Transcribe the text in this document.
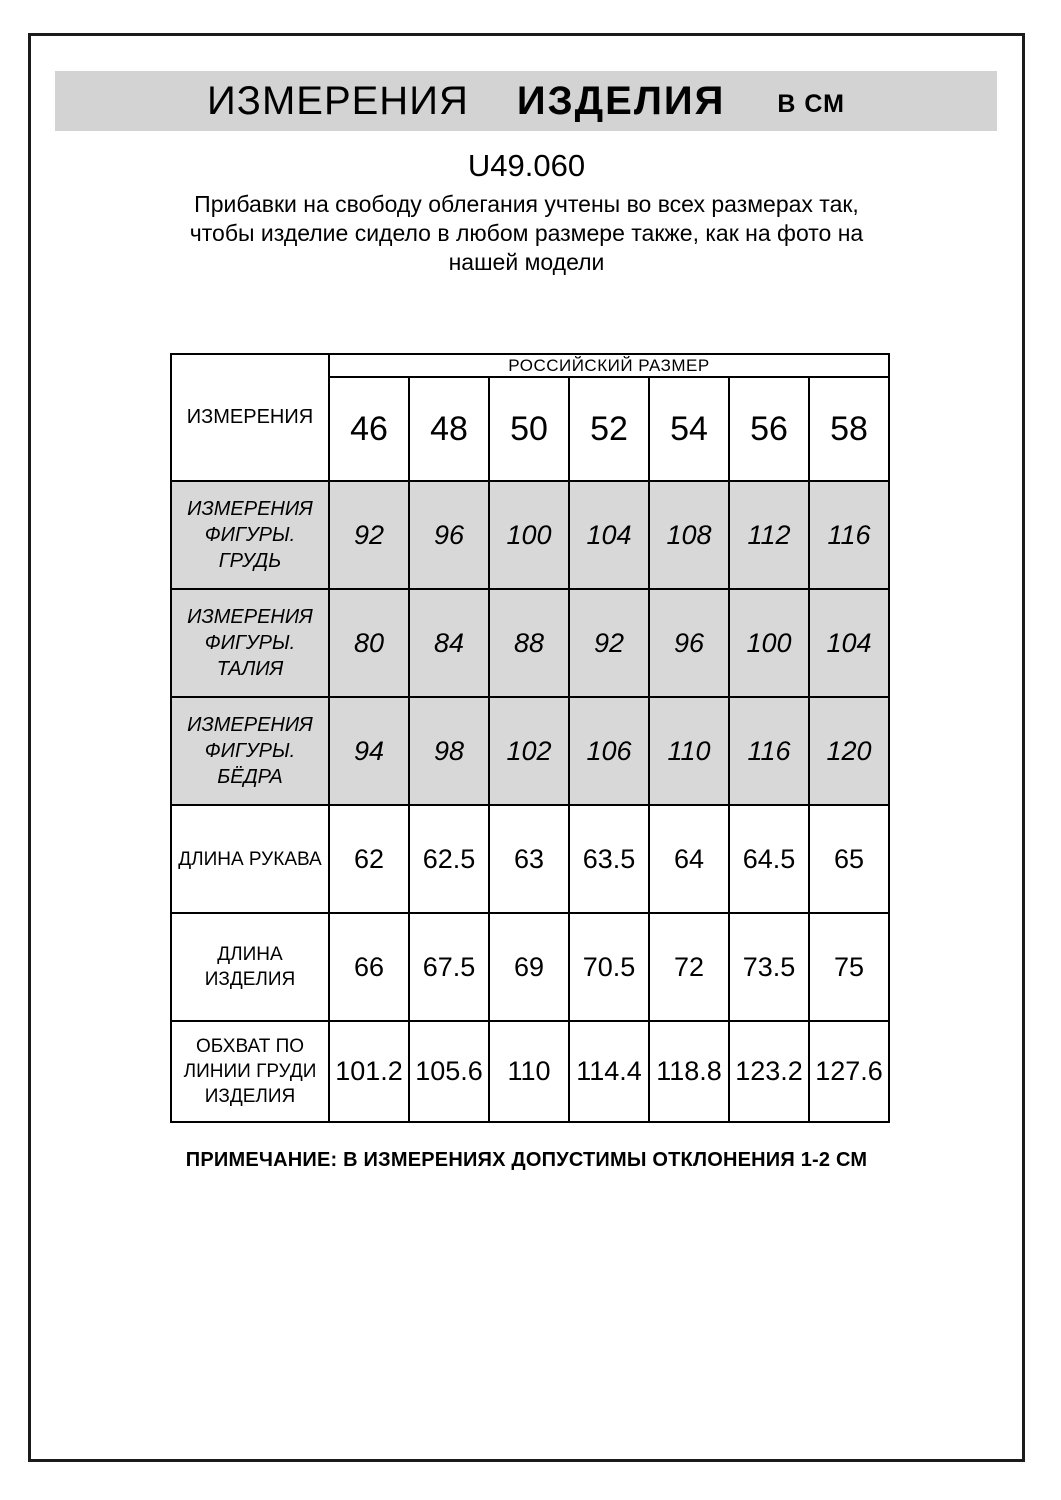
ИЗМЕРЕНИЯ ИЗДЕЛИЯ В СМ
U49.060
Прибавки на свободу облегания учтены во всех размерах так,
чтобы изделие сидело в любом размере также, как на фото на
нашей модели
ИЗМЕРЕНИЯ	РОССИЙСКИЙ РАЗМЕР						
	46	48	50	52	54	56	58
ИЗМЕРЕНИЯ ФИГУРЫ. ГРУДЬ	92	96	100	104	108	112	116
ИЗМЕРЕНИЯ ФИГУРЫ. ТАЛИЯ	80	84	88	92	96	100	104
ИЗМЕРЕНИЯ ФИГУРЫ. БЁДРА	94	98	102	106	110	116	120
ДЛИНА РУКАВА	62	62.5	63	63.5	64	64.5	65
ДЛИНА ИЗДЕЛИЯ	66	67.5	69	70.5	72	73.5	75
ОБХВАТ ПО ЛИНИИ ГРУДИ ИЗДЕЛИЯ	101.2	105.6	110	114.4	118.8	123.2	127.6
ПРИМЕЧАНИЕ: В ИЗМЕРЕНИЯХ ДОПУСТИМЫ ОТКЛОНЕНИЯ 1-2 СМ
